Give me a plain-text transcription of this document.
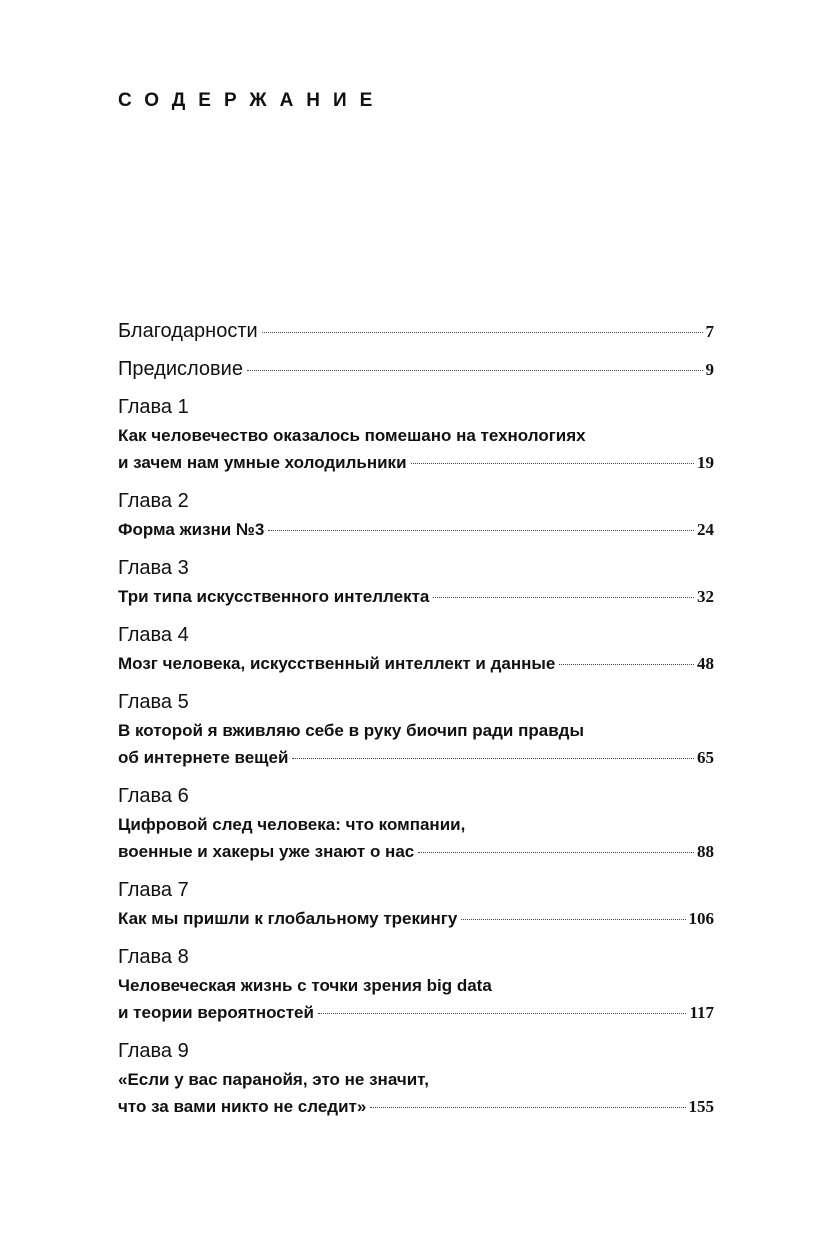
СОДЕРЖАНИЕ
Благодарности	7
Предисловие	9
Глава 1
Как человечество оказалось помешано на технологиях
и зачем нам умные холодильники	19
Глава 2
Форма жизни №3	24
Глава 3
Три типа искусственного интеллекта	32
Глава 4
Мозг человека, искусственный интеллект и данные	48
Глава 5
В которой я вживляю себе в руку биочип ради правды
об интернете вещей	65
Глава 6
Цифровой след человека: что компании,
военные и хакеры уже знают о нас	88
Глава 7
Как мы пришли к глобальному трекингу	106
Глава 8
Человеческая жизнь с точки зрения big data
и теории вероятностей	117
Глава 9
«Если у вас паранойя, это не значит,
что за вами никто не следит»	155
